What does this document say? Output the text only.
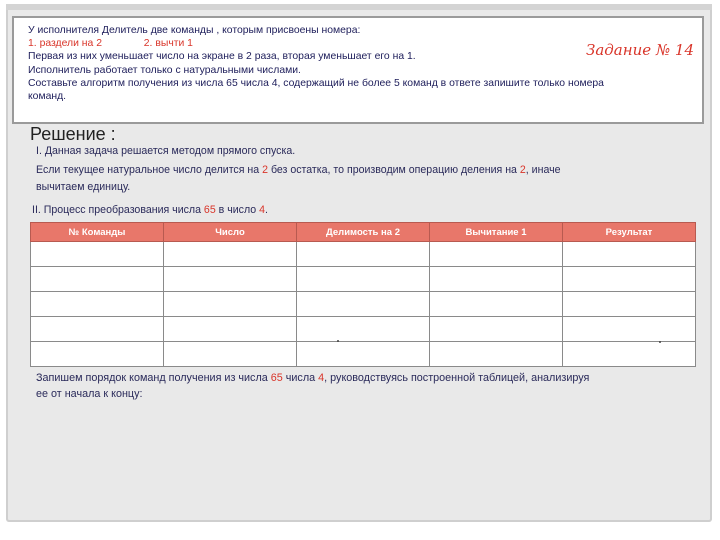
У исполнителя Делитель две команды , которым присвоены номера:
1. раздели на 2	2. вычти 1
Первая из них уменьшает число на экране в 2 раза, вторая уменьшает его на 1.
Исполнитель работает только с натуральными числами.
Составьте алгоритм получения из числа 65 числа 4, содержащий не более 5 команд в ответе запишите только номера
команд.
Задание № 14
Решение :
I. Данная задача решается методом прямого спуска.
Если текущее натуральное число делится на 2 без остатка, то производим операцию деления на 2, иначе
вычитаем единицу.
II. Процесс преобразования числа 65 в число 4.
№ Команды	Число	Делимость на 2	Вычитание 1	Результат

Запишем порядок команд получения из числа 65 числа 4, руководствуясь построенной таблицей, анализируя
ее от начала к концу:
